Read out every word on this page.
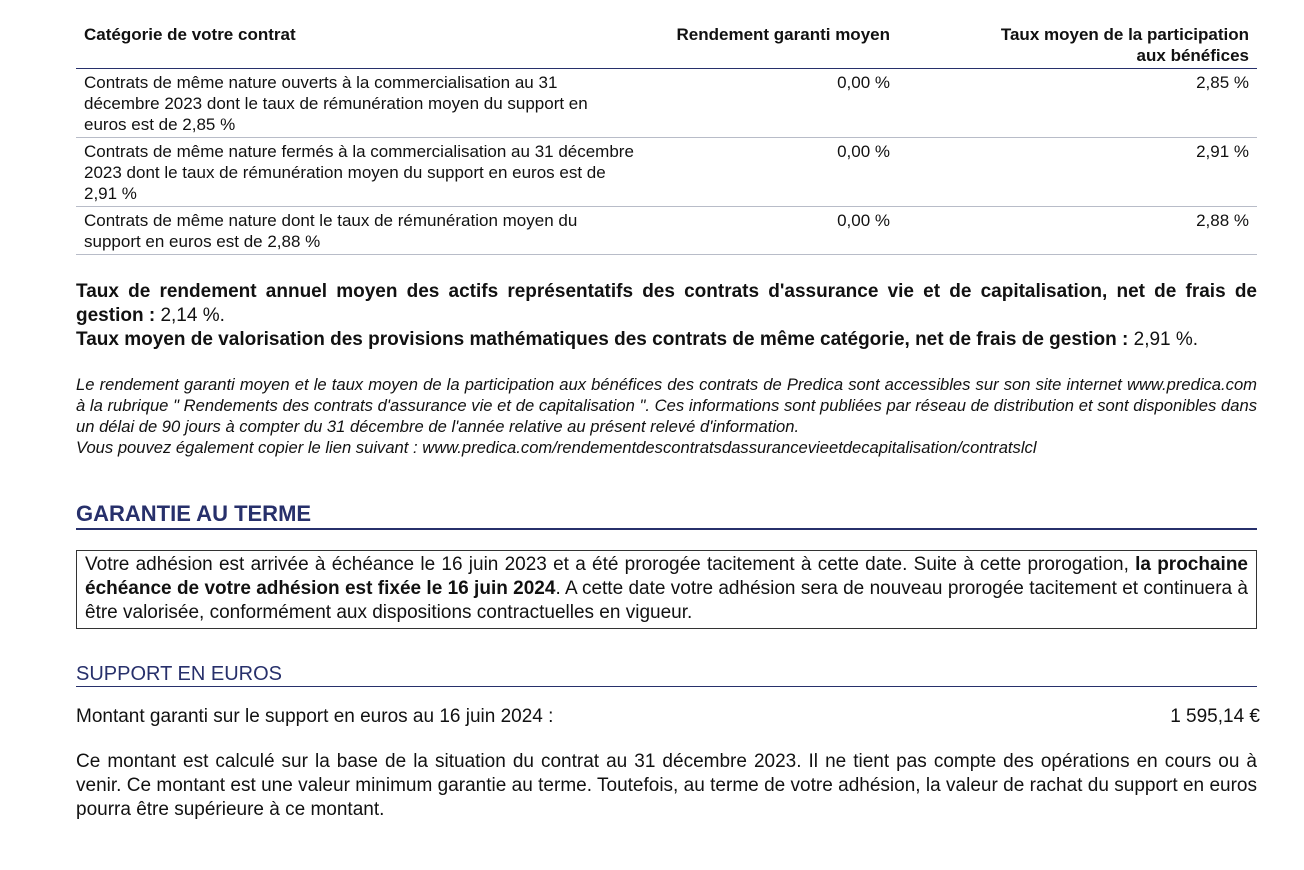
Catégorie de votre contrat	Rendement garanti moyen	Taux moyen de la participation
aux bénéfices
Contrats de même nature ouverts à la commercialisation au 31 décembre 2023 dont le taux de rémunération moyen du support en euros est de 2,85 %	0,00 %	2,85 %
Contrats de même nature fermés à la commercialisation au 31 décembre 2023 dont le taux de rémunération moyen du support en euros est de 2,91 %	0,00 %	2,91 %
Contrats de même nature dont le taux de rémunération moyen du support en euros est de 2,88 %	0,00 %	2,88 %

Taux de rendement annuel moyen des actifs représentatifs des contrats d'assurance vie et de capitalisation, net de frais de gestion : 2,14 %.
Taux moyen de valorisation des provisions mathématiques des contrats de même catégorie, net de frais de gestion : 2,91 %.

Le rendement garanti moyen et le taux moyen de la participation aux bénéfices des contrats de Predica sont accessibles sur son site internet www.predica.com à la rubrique " Rendements des contrats d'assurance vie et de capitalisation ". Ces informations sont publiées par réseau de distribution et sont disponibles dans un délai de 90 jours à compter du 31 décembre de l'année relative au présent relevé d'information.
Vous pouvez également copier le lien suivant : www.predica.com/rendementdescontratsdassurancevieetdecapitalisation/contratslcl

GARANTIE AU TERME
Votre adhésion est arrivée à échéance le 16 juin 2023 et a été prorogée tacitement à cette date. Suite à cette prorogation, la prochaine échéance de votre adhésion est fixée le 16 juin 2024. A cette date votre adhésion sera de nouveau prorogée tacitement et continuera à être valorisée, conformément aux dispositions contractuelles en vigueur.
SUPPORT EN EUROS
Montant garanti sur le support en euros au 16 juin 2024 :	1 595,14 €
Ce montant est calculé sur la base de la situation du contrat au 31 décembre 2023. Il ne tient pas compte des opérations en cours ou à venir. Ce montant est une valeur minimum garantie au terme. Toutefois, au terme de votre adhésion, la valeur de rachat du support en euros pourra être supérieure à ce montant.
